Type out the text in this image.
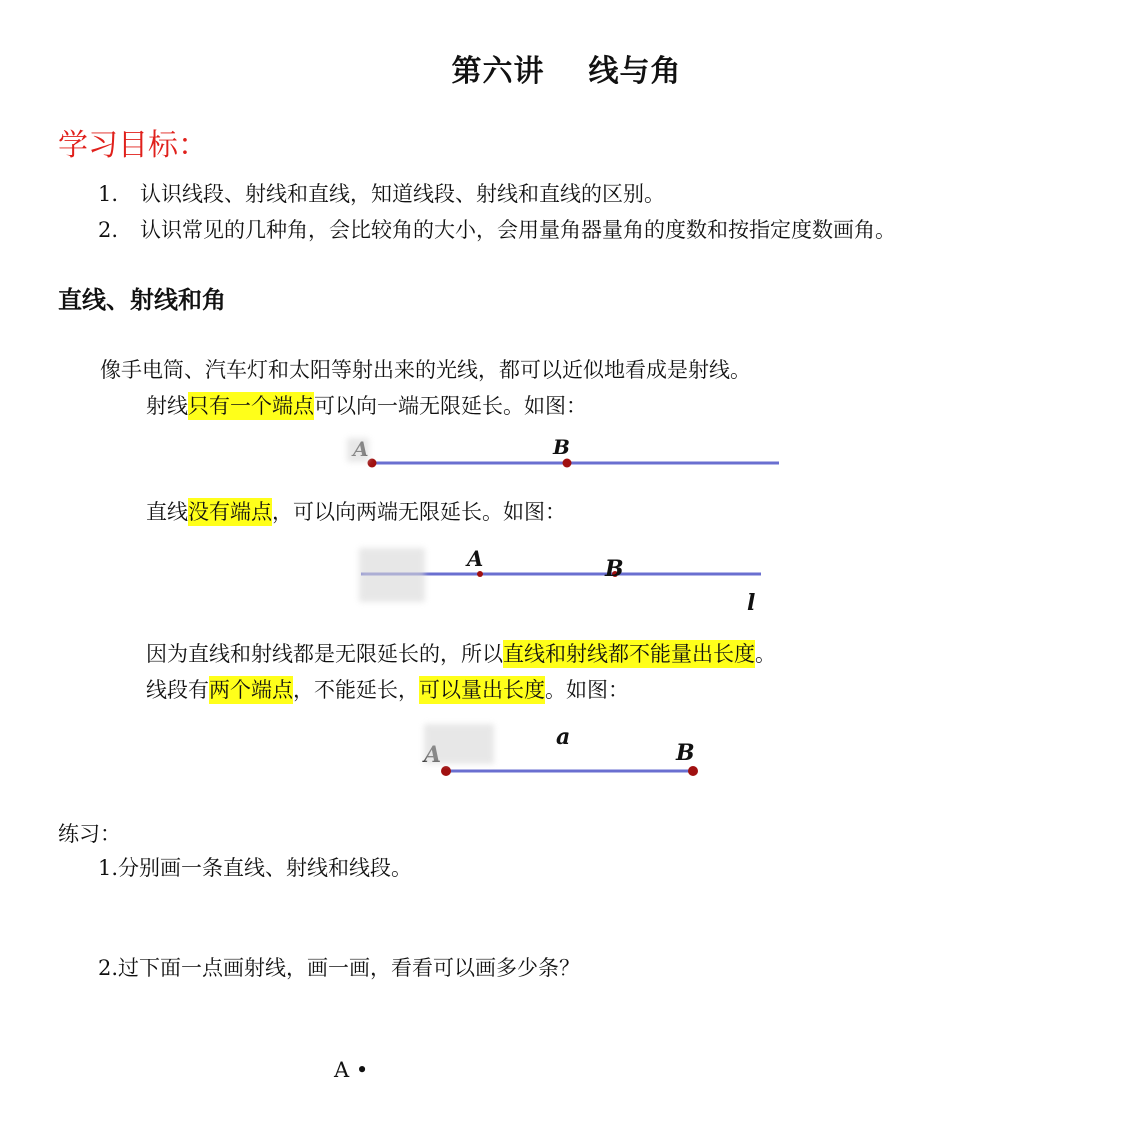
第六讲 线与角
学习目标：
1. 认识线段、射线和直线，知道线段、射线和直线的区别。
2. 认识常见的几种角，会比较角的大小，会用量角器量角的度数和按指定度数画角。
直线、射线和角
像手电筒、汽车灯和太阳等射出来的光线，都可以近似地看成是射线。
射线只有一个端点可以向一端无限延长。如图：
B
直线没有端点，可以向两端无限延长。如图：
A	B
l
因为直线和射线都是无限延长的，所以直线和射线都不能量出长度。
线段有两个端点，不能延长，可以量出长度。如图：
a
B
练习：
1.分别画一条直线、射线和线段。
2.过下面一点画射线，画一画，看看可以画多少条？
A •
